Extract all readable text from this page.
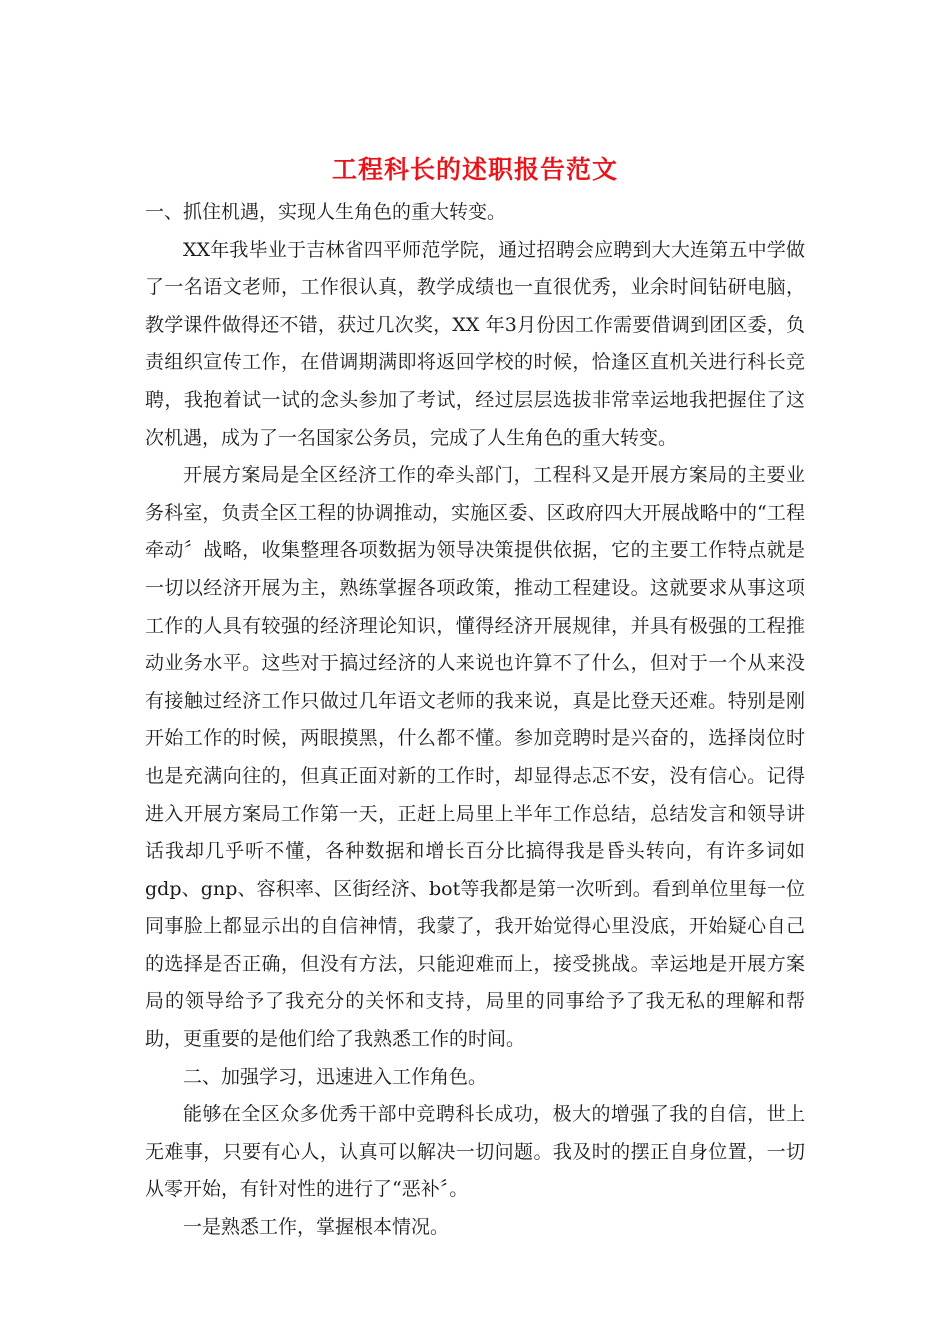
工程科长的述职报告范文

一、抓住机遇，实现人生角色的重大转变。

XX年我毕业于吉林省四平师范学院，通过招聘会应聘到大大连第五中学做了一名语文老师，工作很认真，教学成绩也一直很优秀，业余时间钻研电脑，教学课件做得还不错，获过几次奖，XX 年3月份因工作需要借调到团区委，负责组织宣传工作，在借调期满即将返回学校的时候，恰逢区直机关进行科长竞聘，我抱着试一试的念头参加了考试，经过层层选拔非常幸运地我把握住了这次机遇，成为了一名国家公务员，完成了人生角色的重大转变。

开展方案局是全区经济工作的牵头部门，工程科又是开展方案局的主要业务科室，负责全区工程的协调推动，实施区委、区政府四大开展战略中的“工程牵动〞战略，收集整理各项数据为领导决策提供依据，它的主要工作特点就是一切以经济开展为主，熟练掌握各项政策，推动工程建设。这就要求从事这项工作的人具有较强的经济理论知识，懂得经济开展规律，并具有极强的工程推动业务水平。这些对于搞过经济的人来说也许算不了什么，但对于一个从来没有接触过经济工作只做过几年语文老师的我来说，真是比登天还难。特别是刚开始工作的时候，两眼摸黑，什么都不懂。参加竞聘时是兴奋的，选择岗位时也是充满向往的，但真正面对新的工作时，却显得忐忑不安，没有信心。记得进入开展方案局工作第一天，正赶上局里上半年工作总结，总结发言和领导讲话我却几乎听不懂，各种数据和增长百分比搞得我是昏头转向，有许多词如gdp、gnp、容积率、区街经济、bot等我都是第一次听到。看到单位里每一位同事脸上都显示出的自信神情，我蒙了，我开始觉得心里没底，开始疑心自己的选择是否正确，但没有方法，只能迎难而上，接受挑战。幸运地是开展方案局的领导给予了我充分的关怀和支持，局里的同事给予了我无私的理解和帮助，更重要的是他们给了我熟悉工作的时间。

二、加强学习，迅速进入工作角色。

能够在全区众多优秀干部中竞聘科长成功，极大的增强了我的自信，世上无难事，只要有心人，认真可以解决一切问题。我及时的摆正自身位置，一切从零开始，有针对性的进行了“恶补〞。

一是熟悉工作，掌握根本情况。
